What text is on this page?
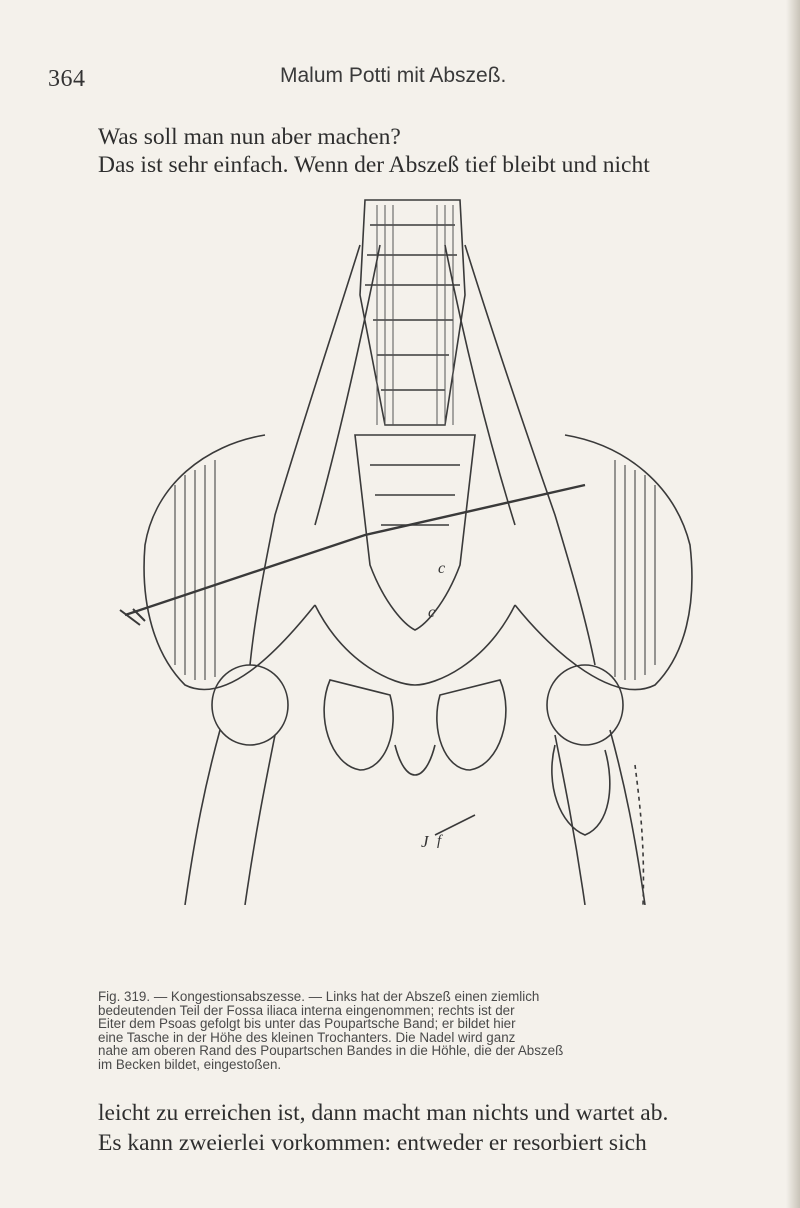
364	Malum Potti mit Abszeß.
Was soll man nun aber machen?
Das ist sehr einfach. Wenn der Abszeß tief bleibt und nicht
c
c
J f
Fig. 319. — Kongestionsabszesse. — Links hat der Abszeß einen ziemlich
bedeutenden Teil der Fossa iliaca interna eingenommen; rechts ist der
Eiter dem Psoas gefolgt bis unter das Poupartsche Band; er bildet hier
eine Tasche in der Höhe des kleinen Trochanters. Die Nadel wird ganz
nahe am oberen Rand des Poupartschen Bandes in die Höhle, die der Abszeß
im Becken bildet, eingestoßen.
leicht zu erreichen ist, dann macht man nichts und wartet ab.
Es kann zweierlei vorkommen: entweder er resorbiert sich
